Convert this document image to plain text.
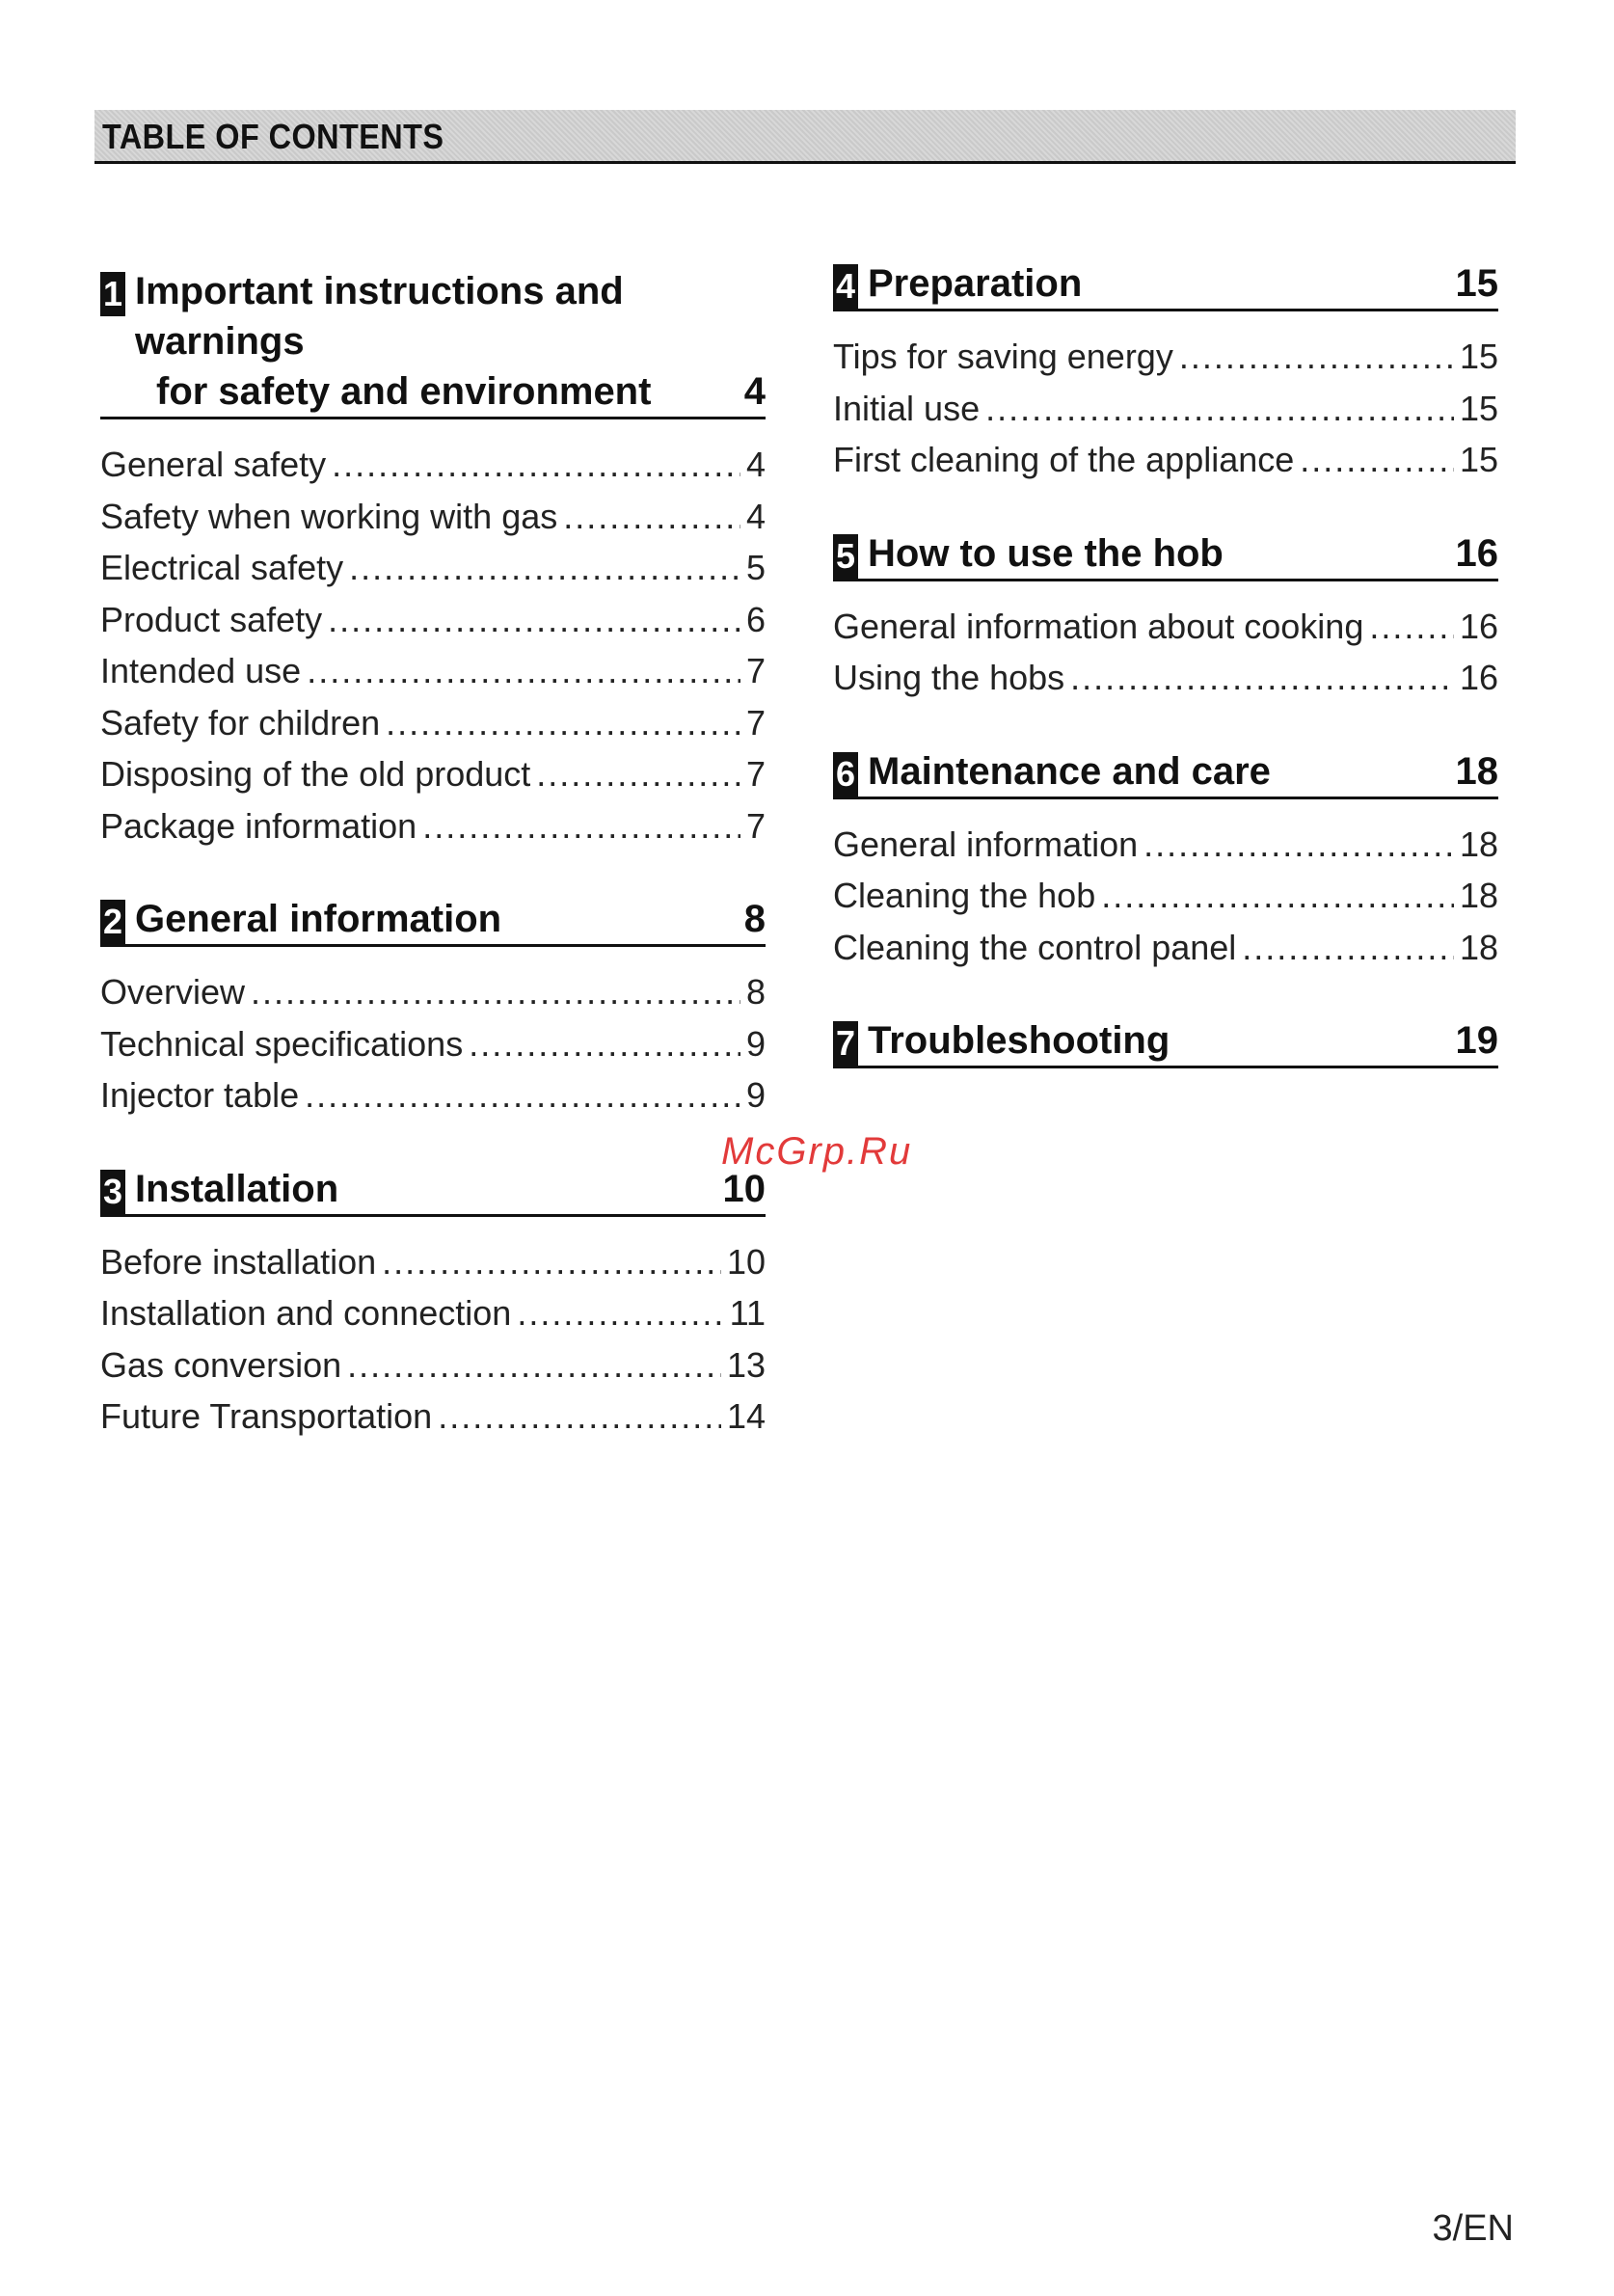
TABLE OF CONTENTS
1 Important instructions and warnings
for safety and environment	4
General safety .....	4
Safety when working with gas .....	4
Electrical safety .....	5
Product safety .....	6
Intended use .....	7
Safety for children .....	7
Disposing of the old product .....	7
Package information .....	7
2 General information	8
Overview .....	8
Technical specifications .....	9
Injector table .....	9
3 Installation	10
Before installation .....	10
Installation and connection .....	11
Gas conversion .....	13
Future Transportation .....	14
4 Preparation	15
Tips for saving energy .....	15
Initial use .....	15
First cleaning of the appliance .....	15
5 How to use the hob	16
General information about cooking .....	16
Using the hobs .....	16
6 Maintenance and care	18
General information .....	18
Cleaning the hob .....	18
Cleaning the control panel .....	18
7 Troubleshooting	19
McGrp.Ru
3/EN
